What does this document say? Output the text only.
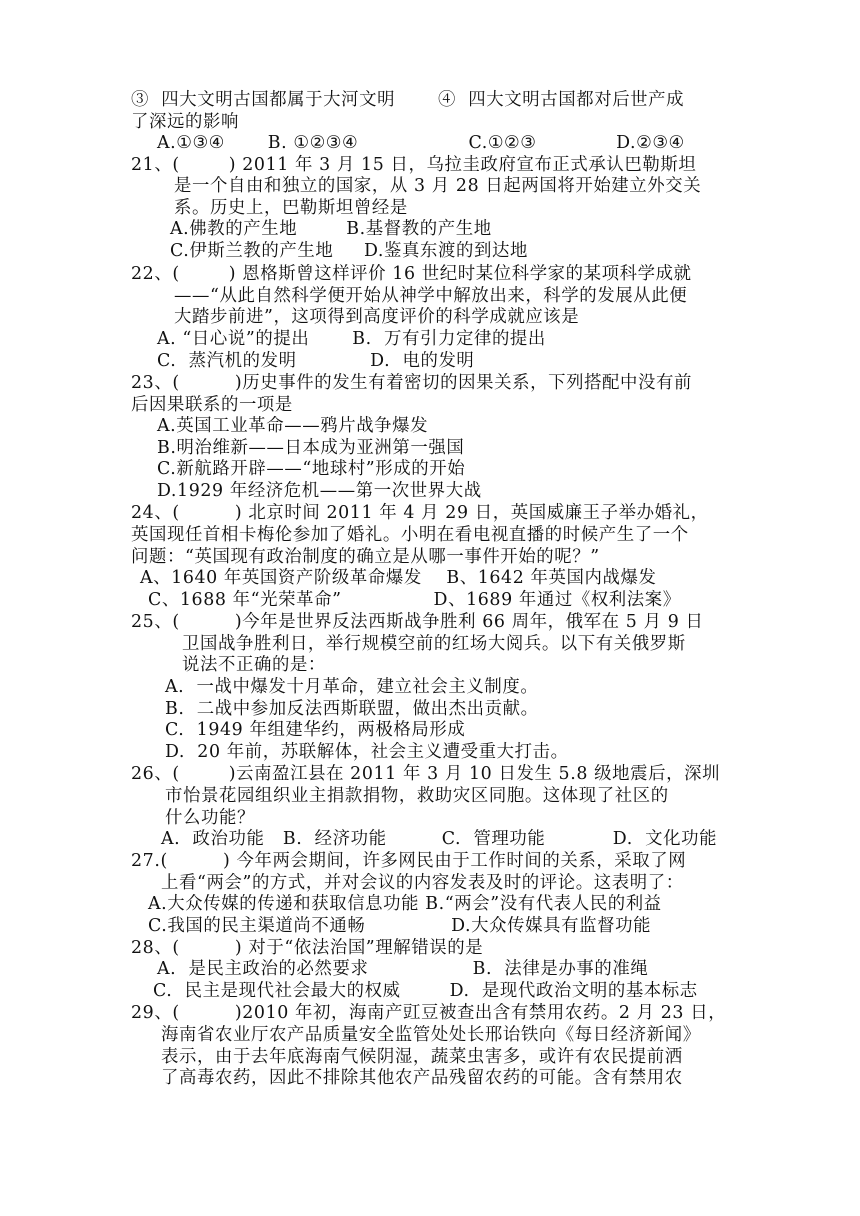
③  四大文明古国都属于大河文明       ④  四大文明古国都对后世产成
了深远的影响
A.①③④       B. ①②③④                  C.①②③             D.②③④
21、(        ) 2011 年 3 月 15 日，乌拉圭政府宣布正式承认巴勒斯坦
是一个自由和独立的国家，从 3 月 28 日起两国将开始建立外交关
系。历史上，巴勒斯坦曾经是
A.佛教的产生地        B.基督教的产生地
C.伊斯兰教的产生地     D.鉴真东渡的到达地
22、(        ) 恩格斯曾这样评价 16 世纪时某位科学家的某项科学成就
——“从此自然科学便开始从神学中解放出来，科学的发展从此便
大踏步前进”，这项得到高度评价的科学成就应该是
A. “日心说”的提出       B.  万有引力定律的提出
C.  蒸汽机的发明            D.  电的发明
23、(         )历史事件的发生有着密切的因果关系，下列搭配中没有前
后因果联系的一项是
A.英国工业革命——鸦片战争爆发
B.明治维新——日本成为亚洲第一强国
C.新航路开辟——“地球村”形成的开始
D.1929 年经济危机——第一次世界大战
24、(         ) 北京时间 2011 年 4 月 29 日，英国威廉王子举办婚礼，
英国现任首相卡梅伦参加了婚礼。小明在看电视直播的时候产生了一个
问题：“英国现有政治制度的确立是从哪一事件开始的呢？”
A、1640 年英国资产阶级革命爆发    B、1642 年英国内战爆发
C、1688 年“光荣革命”               D、1689 年通过《权利法案》
25、(         )今年是世界反法西斯战争胜利 66 周年，俄军在 5 月 9 日
卫国战争胜利日，举行规模空前的红场大阅兵。以下有关俄罗斯
说法不正确的是：
A.  一战中爆发十月革命，建立社会主义制度。
B.  二战中参加反法西斯联盟，做出杰出贡献。
C.  1949 年组建华约，两极格局形成
D.  20 年前，苏联解体，社会主义遭受重大打击。
26、(        )云南盈江县在 2011 年 3 月 10 日发生 5.8 级地震后，深圳
市怡景花园组织业主捐款捐物，救助灾区同胞。这体现了社区的
什么功能？
A.  政治功能   B.  经济功能         C.  管理功能           D.  文化功能
27.(         ) 今年两会期间，许多网民由于工作时间的关系，采取了网
上看“两会”的方式，并对会议的内容发表及时的评论。这表明了：
A.大众传媒的传递和获取信息功能 B.“两会”没有代表人民的利益
C.我国的民主渠道尚不通畅              D.大众传媒具有监督功能
28、(         ) 对于“依法治国”理解错误的是
A.  是民主政治的必然要求                 B.  法律是办事的准绳
C.  民主是现代社会最大的权威        D.  是现代政治文明的基本标志
29、(         )2010 年初，海南产豇豆被查出含有禁用农药。2 月 23 日，
海南省农业厅农产品质量安全监管处处长邢诒铁向《每日经济新闻》
表示，由于去年底海南气候阴湿，蔬菜虫害多，或许有农民提前洒
了高毒农药，因此不排除其他农产品残留农药的可能。含有禁用农
